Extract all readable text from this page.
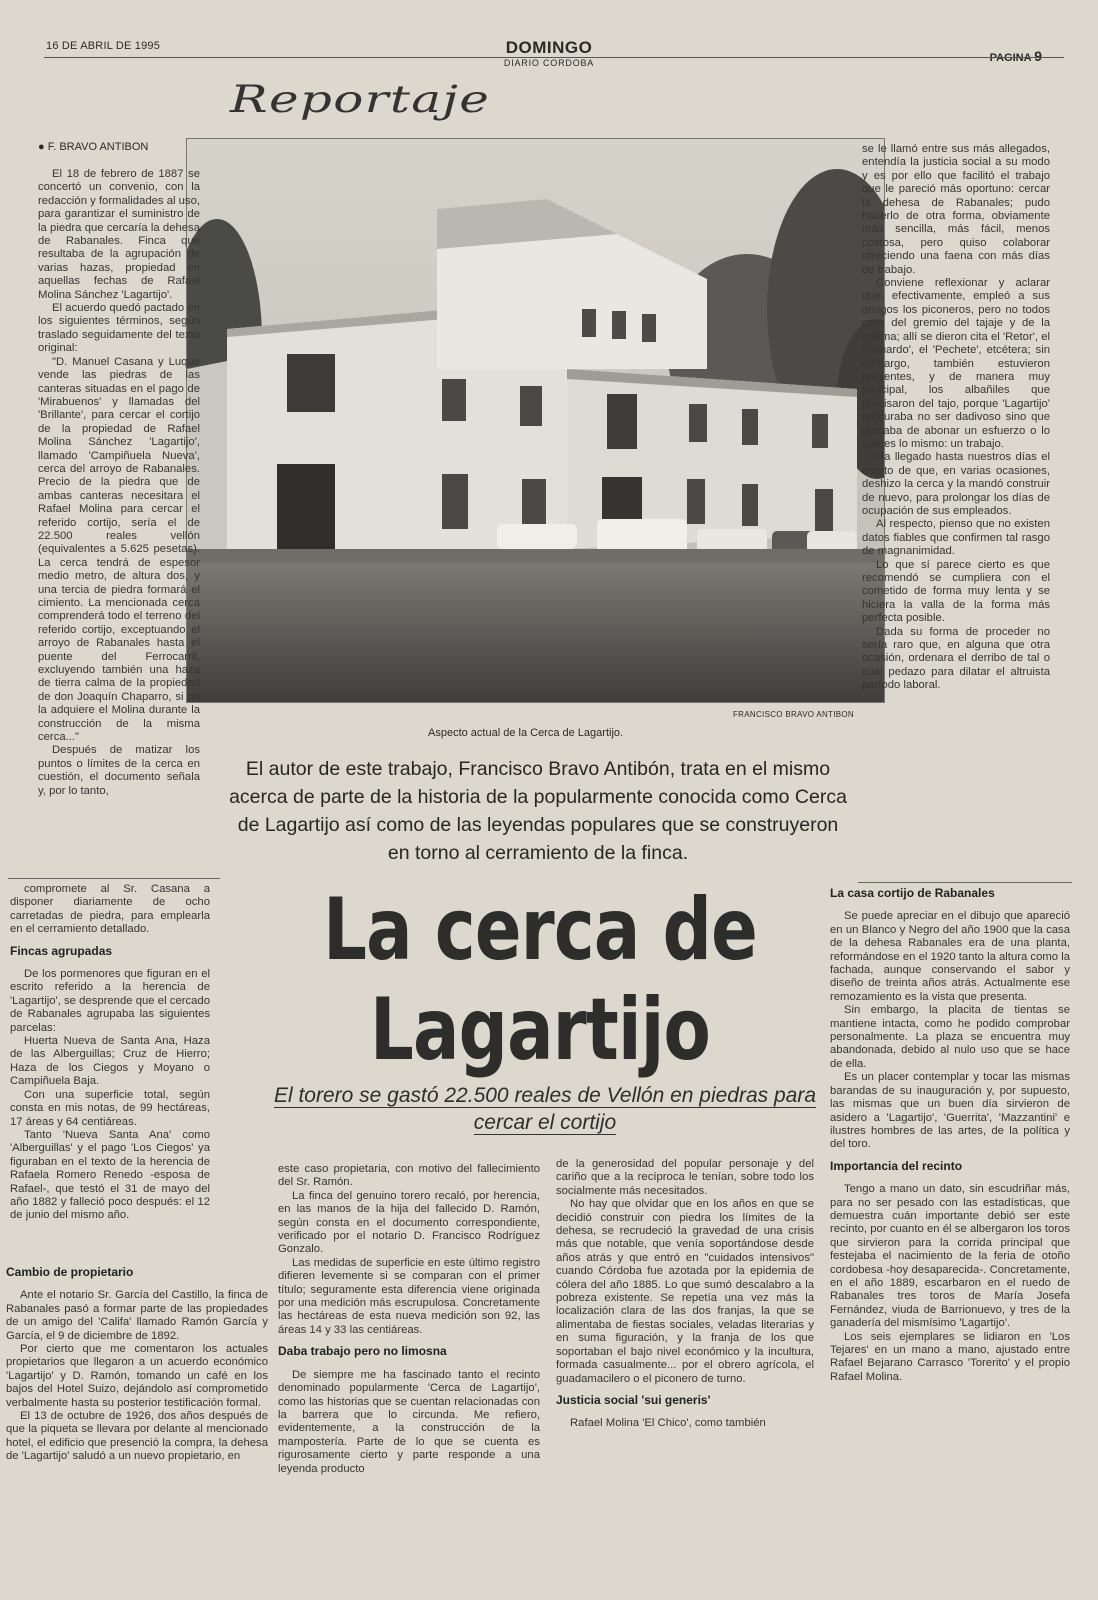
16 DE ABRIL DE 1995	DOMINGO
DIARIO CORDOBA	PAGINA 9
Reportaje
● F. BRAVO ANTIBON
FRANCISCO BRAVO ANTIBON
Aspecto actual de la Cerca de Lagartijo.
El autor de este trabajo, Francisco Bravo Antibón, trata en el mismo acerca de parte de la historia de la popularmente conocida como Cerca de Lagartijo así como de las leyendas populares que se construyeron en torno al cerramiento de la finca.
La cerca de
Lagartijo
El torero se gastó 22.500 reales de Vellón en piedras para
cercar el cortijo

El 18 de febrero de 1887 se concertó un convenio, con la redacción y formalidades al uso, para garantizar el suministro de la piedra que cercaría la dehesa de Rabanales. Finca que resultaba de la agrupación de varias hazas, propiedad en aquellas fechas de Rafael Molina Sánchez 'Lagartijo'.

El acuerdo quedó pactado en los siguientes términos, según traslado seguidamente del texto original:

"D. Manuel Casana y Luque vende las piedras de las canteras situadas en el pago de 'Mirabuenos' y llamadas del 'Brillante', para cercar el cortijo de la propiedad de Rafael Molina Sánchez 'Lagartijo', llamado 'Campiñuela Nueva', cerca del arroyo de Rabanales. Precio de la piedra que de ambas canteras necesitara el Rafael Molina para cercar el referido cortijo, sería el de 22.500 reales vellón (equivalentes a 5.625 pesetas). La cerca tendrá de espesor medio metro, de altura dos, y una tercia de piedra formará el cimiento. La mencionada cerca comprenderá todo el terreno del referido cortijo, exceptuando el arroyo de Rabanales hasta el puente del Ferrocarril, excluyendo también una haza de tierra calma de la propiedad de don Joaquín Chaparro, si no la adquiere el Molina durante la construcción de la misma cerca..."

Después de matizar los puntos o límites de la cerca en cuestión, el documento señala y, por lo tanto,

compromete al Sr. Casana a disponer diariamente de ocho carretadas de piedra, para emplearla en el cerramiento detallado.

Fincas agrupadas

De los pormenores que figuran en el escrito referido a la herencia de 'Lagartijo', se desprende que el cercado de Rabanales agrupaba las siguientes parcelas:

Huerta Nueva de Santa Ana, Haza de las Alberguillas; Cruz de Hierro; Haza de los Ciegos y Moyano o Campiñuela Baja.

Con una superficie total, según consta en mis notas, de 99 hectáreas, 17 áreas y 64 centiáreas.

Tanto 'Nueva Santa Ana' como 'Alberguillas' y el pago 'Los Ciegos' ya figuraban en el texto de la herencia de Rafaela Romero Renedo -esposa de Rafael-, que testó el 31 de mayo del año 1882 y falleció poco después: el 12 de junio del mismo año.

Cambio de propietario

Ante el notario Sr. García del Castillo, la finca de Rabanales pasó a formar parte de las propiedades de un amigo del 'Califa' llamado Ramón García y García, el 9 de diciembre de 1892.

Por cierto que me comentaron los actuales propietarios que llegaron a un acuerdo económico 'Lagartijo' y D. Ramón, tomando un café en los bajos del Hotel Suizo, dejándolo así comprometido verbalmente hasta su posterior testificación formal.

El 13 de octubre de 1926, dos años después de que la piqueta se llevara por delante al mencionado hotel, el edificio que presenció la compra, la dehesa de 'Lagartijo' saludó a un nuevo propietario, en

este caso propietaria, con motivo del fallecimiento del Sr. Ramón.

La finca del genuino torero recaló, por herencia, en las manos de la hija del fallecido D. Ramón, según consta en el documento correspondiente, verificado por el notario D. Francisco Rodríguez Gonzalo.

Las medidas de superficie en este último registro difieren levemente si se comparan con el primer título; seguramente esta diferencia viene originada por una medición más escrupulosa. Concretamente las hectáreas de esta nueva medición son 92, las áreas 14 y 33 las centiáreas.

Daba trabajo pero no limosna

De siempre me ha fascinado tanto el recinto denominado popularmente 'Cerca de Lagartijo', como las historias que se cuentan relacionadas con la barrera que lo circunda. Me refiero, evidentemente, a la construcción de la mampostería. Parte de lo que se cuenta es rigurosamente cierto y parte responde a una leyenda producto

de la generosidad del popular personaje y del cariño que a la recíproca le tenían, sobre todo los socialmente más necesitados.

No hay que olvidar que en los años en que se decidió construir con piedra los límites de la dehesa, se recrudeció la gravedad de una crisis más que notable, que venía soportándose desde años atrás y que entró en "cuidados intensivos" cuando Córdoba fue azotada por la epidemia de cólera del año 1885. Lo que sumó descalabro a la pobreza existente. Se repetía una vez más la localización clara de las dos franjas, la que se alimentaba de fiestas sociales, veladas literarias y en suma figuración, y la franja de los que soportaban el bajo nivel económico y la incultura, formada casualmente... por el obrero agrícola, el guadamacilero o el piconero de turno.

Justicia social 'sui generis'

Rafael Molina 'El Chico', como también

se le llamó entre sus más allegados, entendía la justicia social a su modo y es por ello que facilitó el trabajo que le pareció más oportuno: cercar la dehesa de Rabanales; pudo hacerlo de otra forma, obviamente más sencilla, más fácil, menos costosa, pero quiso colaborar ofreciendo una faena con más días de trabajo.

Conviene reflexionar y aclarar que, efectivamente, empleó a sus amigos los piconeros, pero no todos eran del gremio del tajaje y de la quema; allí se dieron cita el 'Retor', el 'Pichardo', el 'Pechete', etcétera; sin embargo, también estuvieron presentes, y de manera muy principal, los albañiles que precisaron del tajo, porque 'Lagartijo' procuraba no ser dadivoso sino que gustaba de abonar un esfuerzo o lo que es lo mismo: un trabajo.

Ha llegado hasta nuestros días el aserto de que, en varias ocasiones, deshizo la cerca y la mandó construir de nuevo, para prolongar los días de ocupación de sus empleados.

Al respecto, pienso que no existen datos fiables que confirmen tal rasgo de magnanimidad.

Lo que sí parece cierto es que recomendó se cumpliera con el cometido de forma muy lenta y se hiciera la valla de la forma más perfecta posible.

Dada su forma de proceder no sería raro que, en alguna que otra ocasión, ordenara el derribo de tal o cual pedazo para dilatar el altruista período laboral.

La casa cortijo de Rabanales

Se puede apreciar en el dibujo que apareció en un Blanco y Negro del año 1900 que la casa de la dehesa Rabanales era de una planta, reformándose en el 1920 tanto la altura como la fachada, aunque conservando el sabor y diseño de treinta años atrás. Actualmente ese remozamiento es la vista que presenta.

Sin embargo, la placita de tientas se mantiene intacta, como he podido comprobar personalmente. La plaza se encuentra muy abandonada, debido al nulo uso que se hace de ella.

Es un placer contemplar y tocar las mismas barandas de su inauguración y, por supuesto, las mismas que un buen día sirvieron de asidero a 'Lagartijo', 'Guerrita', 'Mazzantini' e ilustres hombres de las artes, de la política y del toro.

Importancia del recinto

Tengo a mano un dato, sin escudriñar más, para no ser pesado con las estadísticas, que demuestra cuán importante debió ser este recinto, por cuanto en él se albergaron los toros que sirvieron para la corrida principal que festejaba el nacimiento de la feria de otoño cordobesa -hoy desaparecida-. Concretamente, en el año 1889, escarbaron en el ruedo de Rabanales tres toros de María Josefa Fernández, viuda de Barrionuevo, y tres de la ganadería del mismísimo 'Lagartijo'.

Los seis ejemplares se lidiaron en 'Los Tejares' en un mano a mano, ajustado entre Rafael Bejarano Carrasco 'Torerito' y el propio Rafael Molina.
